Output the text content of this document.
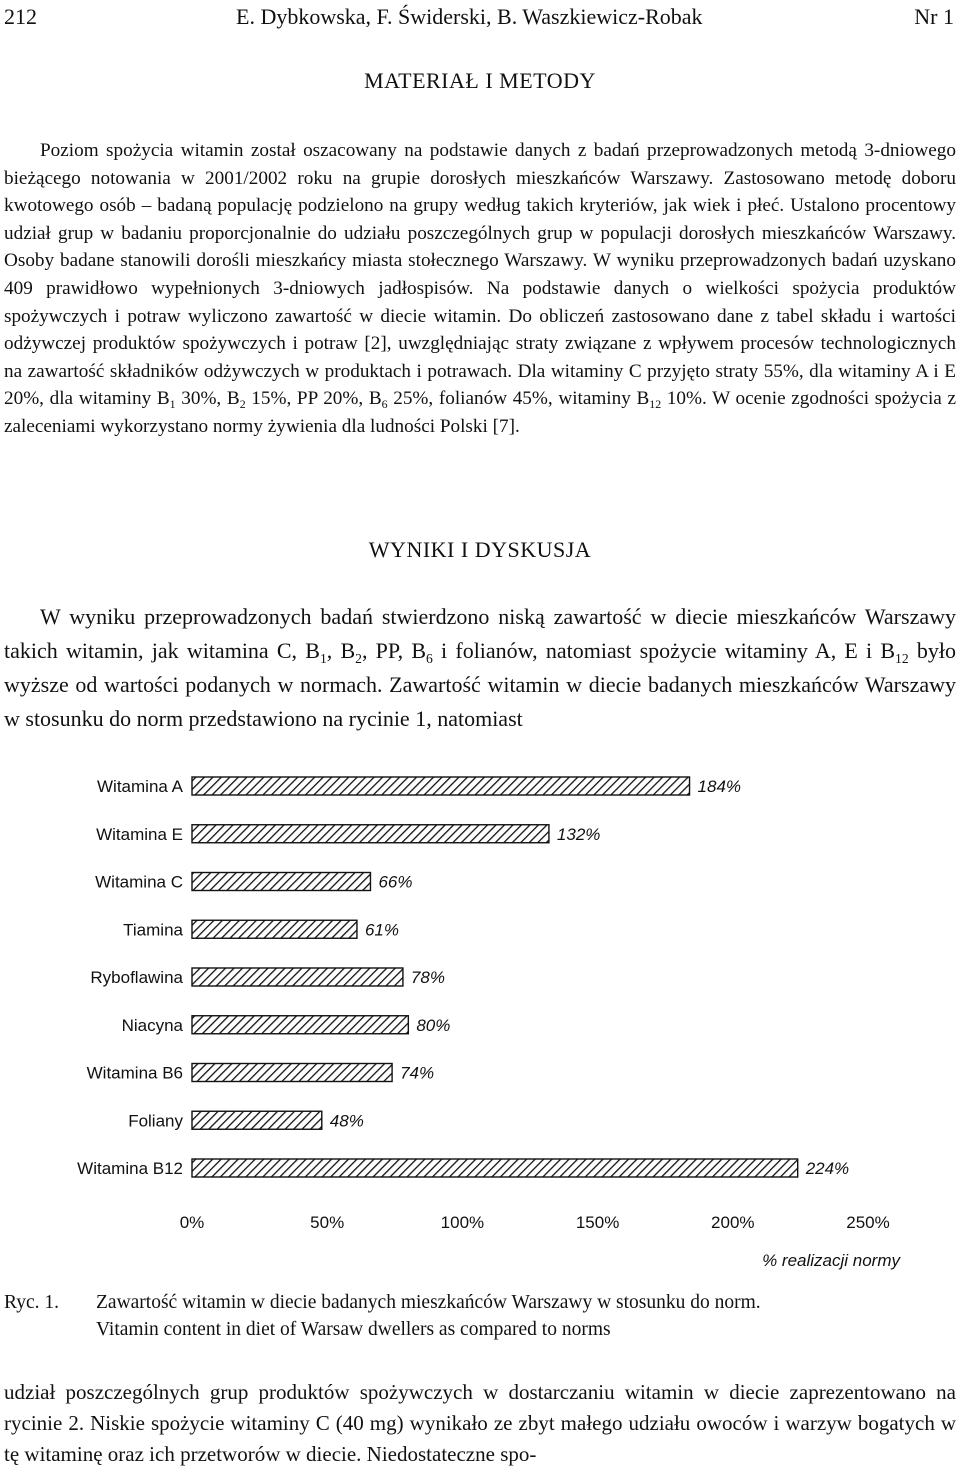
212	E. Dybkowska, F. Świderski, B. Waszkiewicz-Robak	Nr 1
MATERIAŁ I METODY

Poziom spożycia witamin został oszacowany na podstawie danych z badań przeprowadzonych metodą 3-dniowego bieżącego notowania w 2001/2002 roku na grupie dorosłych mieszkańców Warszawy. Zastosowano metodę doboru kwotowego osób – badaną populację podzielono na grupy według takich kryteriów, jak wiek i płeć. Ustalono procentowy udział grup w badaniu proporcjonalnie do udziału poszczególnych grup w populacji dorosłych mieszkańców Warszawy. Osoby badane stanowili dorośli mieszkańcy miasta stołecznego Warszawy. W wyniku przeprowadzonych badań uzyskano 409 prawidłowo wypełnionych 3-dniowych jadłospisów. Na podstawie danych o wielkości spożycia produktów spożywczych i potraw wyliczono zawartość w diecie witamin. Do obliczeń zastosowano dane z tabel składu i wartości odżywczej produktów spożywczych i potraw [2], uwzględniając straty związane z wpływem procesów technologicznych na zawartość składników odżywczych w produktach i potrawach. Dla witaminy C przyjęto straty 55%, dla witaminy A i E 20%, dla witaminy $B_1$ 30%, $B_2$ 15%, PP 20%, $B_6$ 25%, folianów 45%, witaminy $B_{12}$ 10%. W ocenie zgodności spożycia z zaleceniami wykorzystano normy żywienia dla ludności Polski [7].

WYNIKI I DYSKUSJA

W wyniku przeprowadzonych badań stwierdzono niską zawartość w diecie mieszkańców Warszawy takich witamin, jak witamina C, $B_1$, $B_2$, PP, $B_6$ i folianów, natomiast spożycie witaminy A, E i $B_{12}$ było wyższe od wartości podanych w normach. Zawartość witamin w diecie badanych mieszkańców Warszawy w stosunku do norm przedstawiono na rycinie 1, natomiast

Witamina A	184%
Witamina E	132%
Witamina C	66%
Tiamina	61%
Ryboflawina	78%
Niacyna	80%
Witamina B6	74%
Foliany	48%
Witamina B12	224%
0%	50%	100%	150%	200%	250%
% realizacji normy
Ryc. 1. Zawartość witamin w diecie badanych mieszkańców Warszawy w stosunku do norm.
Vitamin content in diet of Warsaw dwellers as compared to norms

udział poszczególnych grup produktów spożywczych w dostarczaniu witamin w diecie zaprezentowano na rycinie 2. Niskie spożycie witaminy C (40 mg) wynikało ze zbyt małego udziału owoców i warzyw bogatych w tę witaminę oraz ich przetworów w diecie. Niedostateczne spo-
